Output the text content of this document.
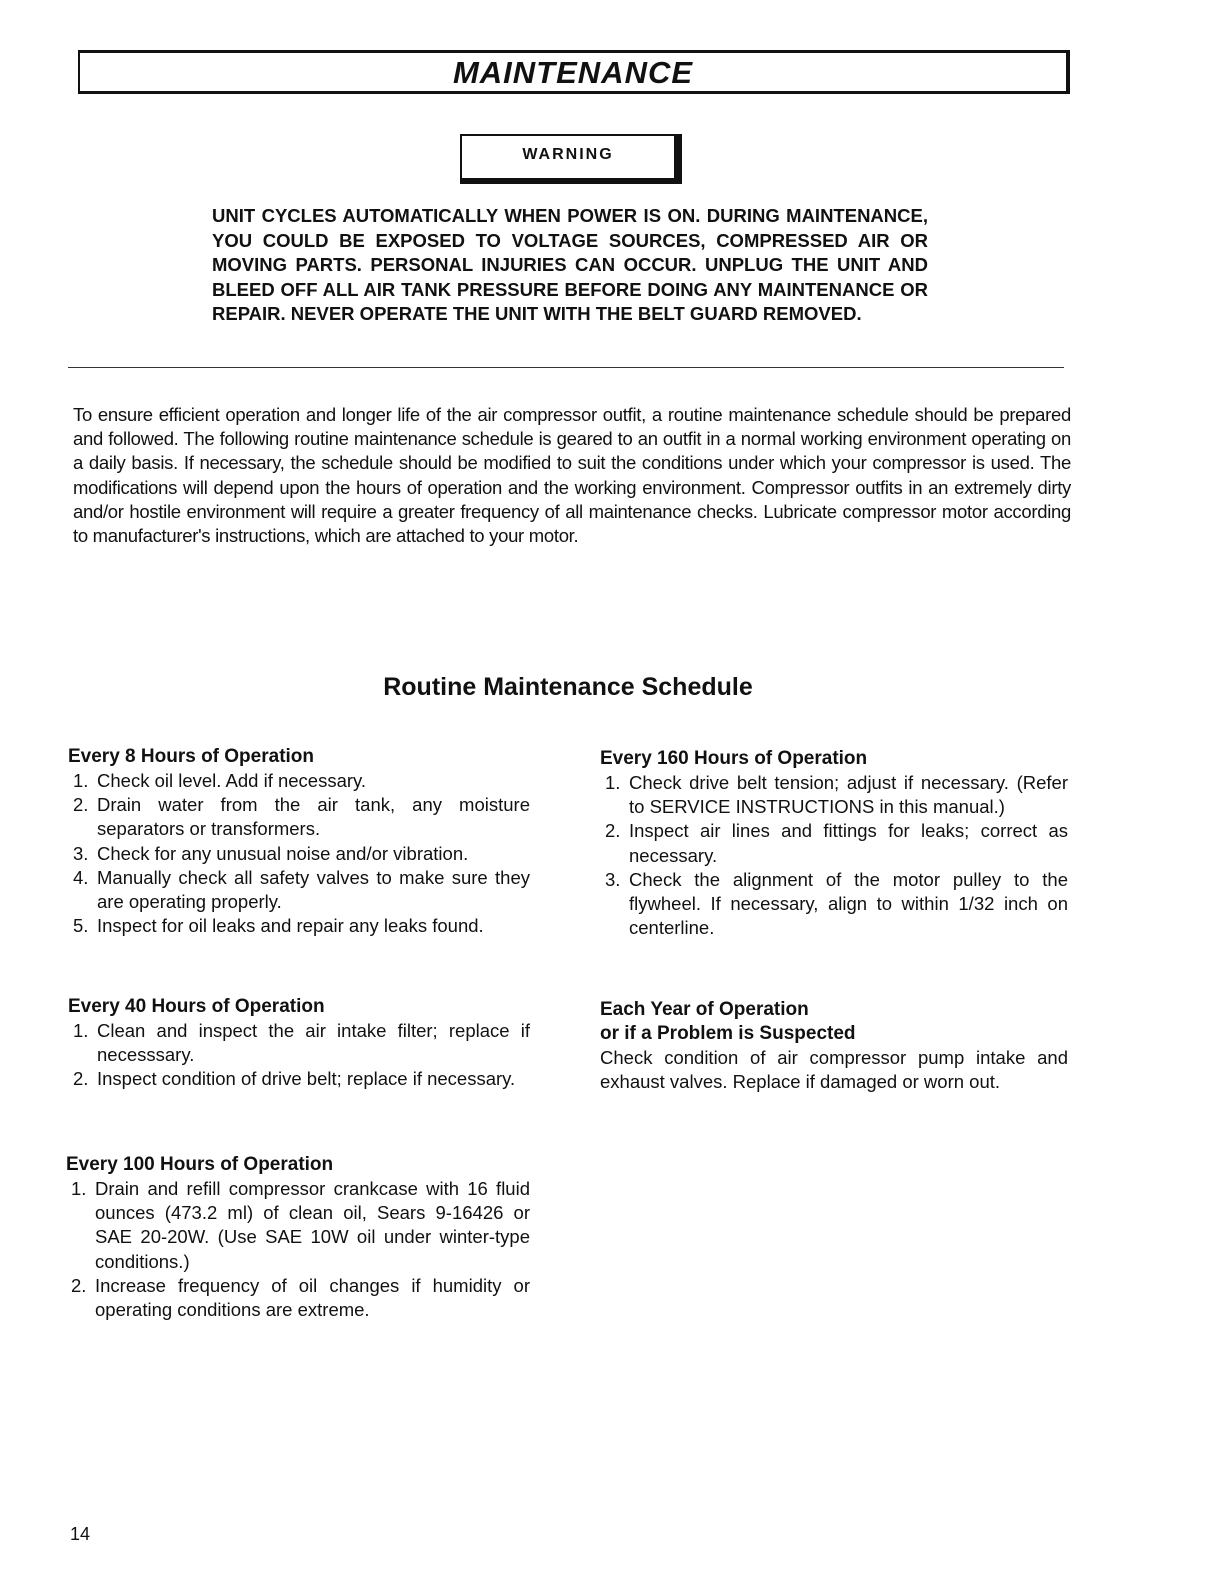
MAINTENANCE
WARNING

UNIT CYCLES AUTOMATICALLY WHEN POWER IS ON. DURING MAINTENANCE, YOU COULD BE EXPOSED TO VOLTAGE SOURCES, COMPRESSED AIR OR MOVING PARTS. PERSONAL INJURIES CAN OCCUR. UNPLUG THE UNIT AND BLEED OFF ALL AIR TANK PRESSURE BEFORE DOING ANY MAINTENANCE OR REPAIR. NEVER OPERATE THE UNIT WITH THE BELT GUARD REMOVED.

To ensure efficient operation and longer life of the air compressor outfit, a routine maintenance schedule should be prepared and followed. The following routine maintenance schedule is geared to an outfit in a normal working environment operating on a daily basis. If necessary, the schedule should be modified to suit the conditions under which your compressor is used. The modifications will depend upon the hours of operation and the working environment. Compressor outfits in an extremely dirty and/or hostile environment will require a greater frequency of all maintenance checks. Lubricate compressor motor according to manufacturer's instructions, which are attached to your motor.

Routine Maintenance Schedule
Every 8 Hours of Operation
1. Check oil level. Add if necessary.
2. Drain water from the air tank, any moisture separators or transformers.
3. Check for any unusual noise and/or vibration.
4. Manually check all safety valves to make sure they are operating properly.
5. Inspect for oil leaks and repair any leaks found.
Every 40 Hours of Operation
1. Clean and inspect the air intake filter; replace if necesssary.
2. Inspect condition of drive belt; replace if necessary.
Every 100 Hours of Operation
1. Drain and refill compressor crankcase with 16 fluid ounces (473.2 ml) of clean oil, Sears 9-16426 or SAE 20-20W. (Use SAE 10W oil under winter-type conditions.)
2. Increase frequency of oil changes if humidity or operating conditions are extreme.
Every 160 Hours of Operation
1. Check drive belt tension; adjust if necessary. (Refer to SERVICE INSTRUCTIONS in this manual.)
2. Inspect air lines and fittings for leaks; correct as necessary.
3. Check the alignment of the motor pulley to the flywheel. If necessary, align to within 1/32 inch on centerline.
Each Year of Operation
or if a Problem is Suspected

Check condition of air compressor pump intake and exhaust valves. Replace if damaged or worn out.

14
